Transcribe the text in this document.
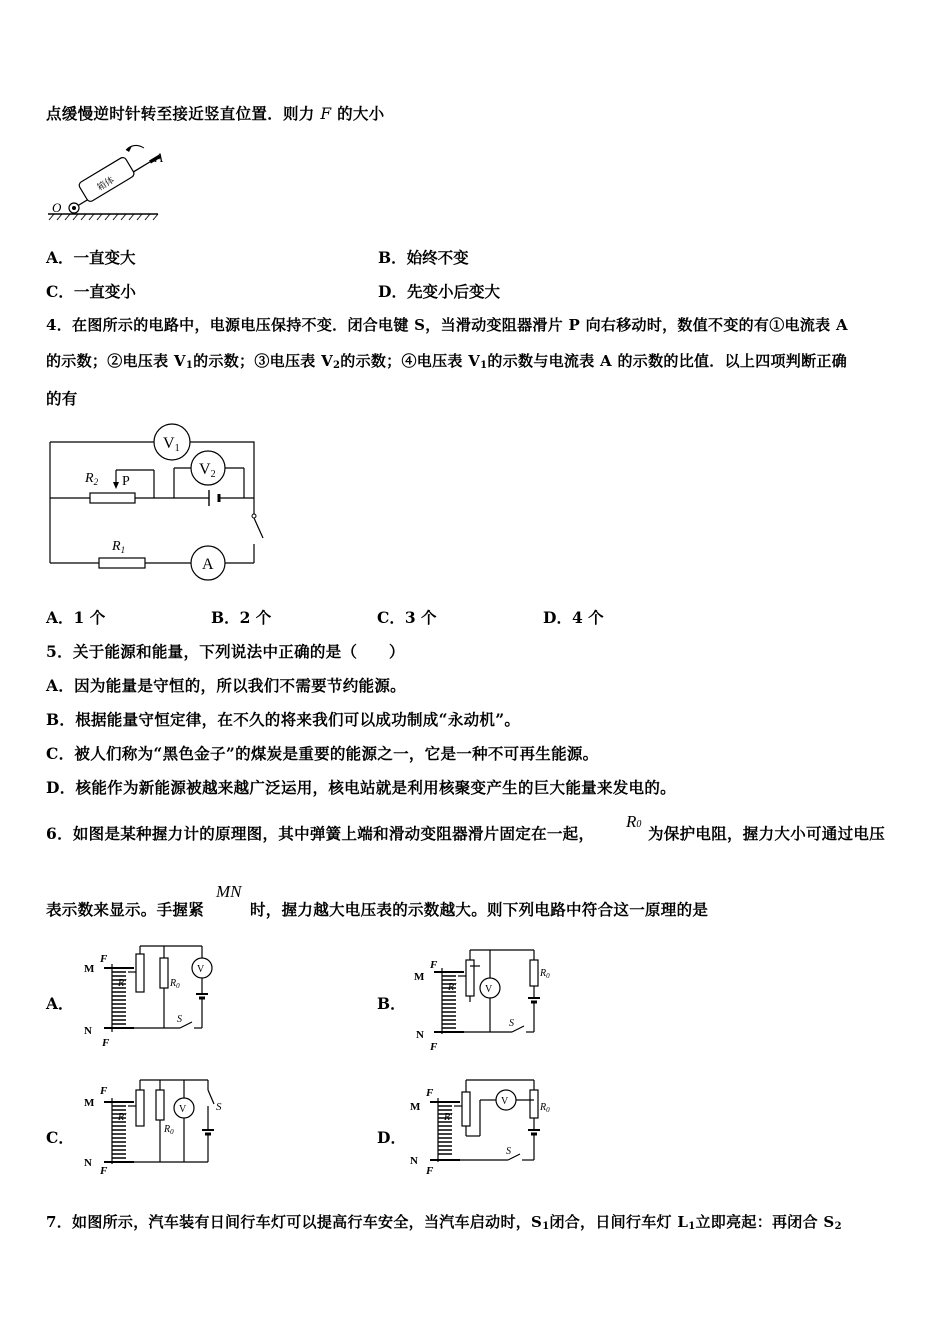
点缓慢逆时针转至接近竖直位置．则力 F 的大小
箱体
O
A
A．一直变大	B．始终不变
C．一直变小	D．先变小后变大
4．在图所示的电路中，电源电压保持不变．闭合电键 S，当滑动变阻器滑片 P 向右移动时，数值不变的有①电流表 A
的示数；②电压表 $V_1$的示数；③电压表 $V_2$的示数；④电压表 $V_1$的示数与电流表 A 的示数的比值．以上四项判断正确
的有
V1
V2
A
$R_2$ P
$R_1$
A．1 个	B．2 个	C．3 个	D．4 个
5．关于能源和能量，下列说法中正确的是（　　）
A．因为能量是守恒的，所以我们不需要节约能源。
B．根据能量守恒定律，在不久的将来我们可以成功制成“永动机”。
C．被人们称为“黑色金子”的煤炭是重要的能源之一，它是一种不可再生能源。
D．核能作为新能源被越来越广泛运用，核电站就是利用核聚变产生的巨大能量来发电的。
6．如图是某种握力计的原理图，其中弹簧上端和滑动变阻器滑片固定在一起，
R0 为保护电阻，握力大小可通过电压
表示数来显示。手握紧
MN
时，握力越大电压表的示数越大。则下列电路中符合这一原理的是
A．
M
N
F
F
R′	$R_0$
V
S
B．
M
N
F
F
R′
$R_0$
V
S
C．
M
N
F
F
R′
$R_0$
V	S
D．
M
N
F
F
R′
$R_0$
V
S
7．如图所示，汽车装有日间行车灯可以提高行车安全，当汽车启动时，$S_1$闭合，日间行车灯 $L_1$立即亮起：再闭合 $S_2$
